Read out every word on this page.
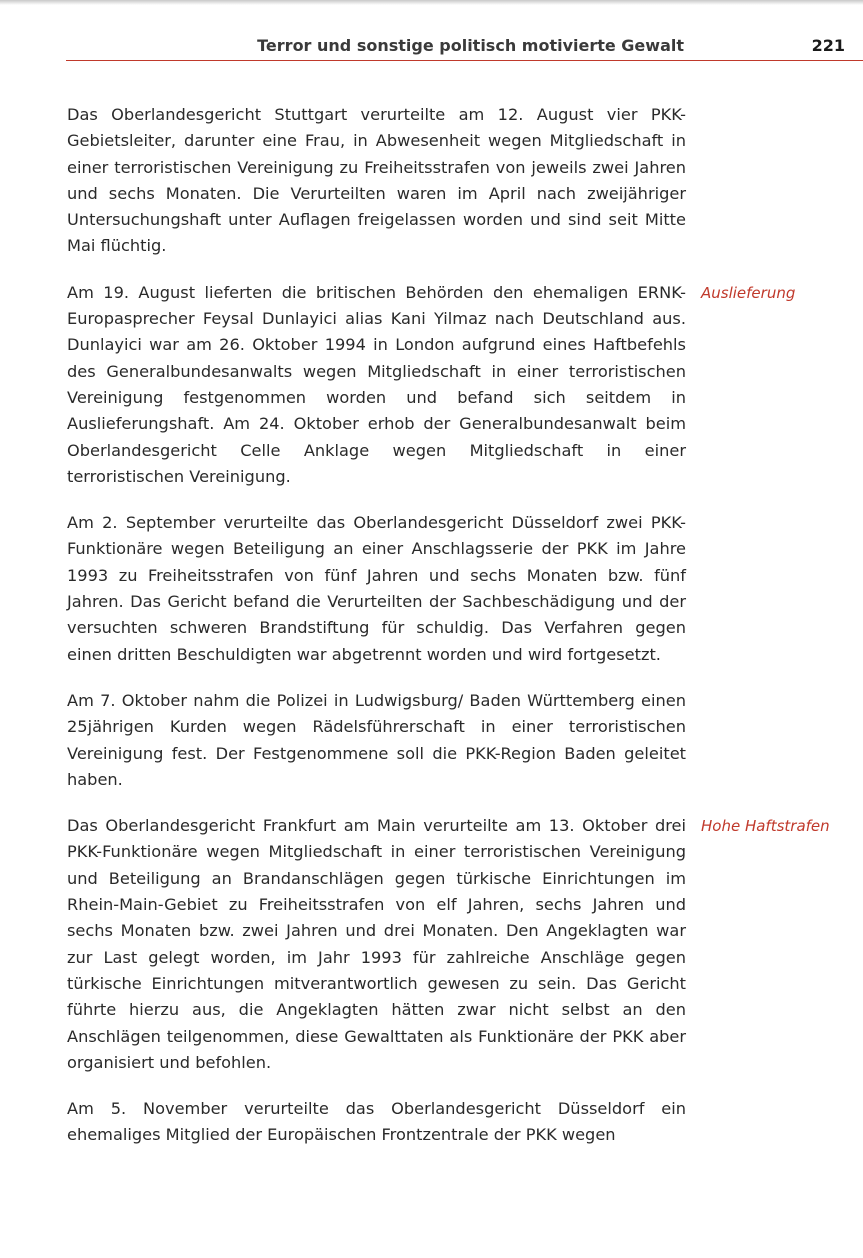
Terror und sonstige politisch motivierte Gewalt	221

Das Oberlandesgericht Stuttgart verurteilte am 12. August vier PKK-Gebietsleiter, darunter eine Frau, in Abwesenheit wegen Mitgliedschaft in einer terroristischen Vereinigung zu Freiheitsstrafen von jeweils zwei Jahren und sechs Monaten. Die Verurteilten waren im April nach zweijähriger Untersuchungshaft unter Auflagen freigelassen worden und sind seit Mitte Mai flüchtig.

Am 19. August lieferten die britischen Behörden den ehemaligen ERNK-Europasprecher Feysal Dunlayici alias Kani Yilmaz nach Deutschland aus. Dunlayici war am 26. Oktober 1994 in London aufgrund eines Haftbefehls des Generalbundesanwalts wegen Mitgliedschaft in einer terroristischen Vereinigung festgenommen worden und befand sich seitdem in Auslieferungshaft. Am 24. Oktober erhob der Generalbundesanwalt beim Oberlandesgericht Celle Anklage wegen Mitgliedschaft in einer terroristischen Vereinigung.

Auslieferung

Am 2. September verurteilte das Oberlandesgericht Düsseldorf zwei PKK-Funktionäre wegen Beteiligung an einer Anschlagsserie der PKK im Jahre 1993 zu Freiheitsstrafen von fünf Jahren und sechs Monaten bzw. fünf Jahren. Das Gericht befand die Verurteilten der Sachbeschädigung und der versuchten schweren Brandstiftung für schuldig. Das Verfahren gegen einen dritten Beschuldigten war abgetrennt worden und wird fortgesetzt.

Am 7. Oktober nahm die Polizei in Ludwigsburg/ Baden Württemberg einen 25jährigen Kurden wegen Rädelsführerschaft in einer terroristischen Vereinigung fest. Der Festgenommene soll die PKK-Region Baden geleitet haben.

Das Oberlandesgericht Frankfurt am Main verurteilte am 13. Oktober drei PKK-Funktionäre wegen Mitgliedschaft in einer terroristischen Vereinigung und Beteiligung an Brandanschlägen gegen türkische Einrichtungen im Rhein-Main-Gebiet zu Freiheitsstrafen von elf Jahren, sechs Jahren und sechs Monaten bzw. zwei Jahren und drei Monaten. Den Angeklagten war zur Last gelegt worden, im Jahr 1993 für zahlreiche Anschläge gegen türkische Einrichtungen mitverantwortlich gewesen zu sein. Das Gericht führte hierzu aus, die Angeklagten hätten zwar nicht selbst an den Anschlägen teilgenommen, diese Gewalttaten als Funktionäre der PKK aber organisiert und befohlen.

Hohe Haftstrafen

Am 5. November verurteilte das Oberlandesgericht Düsseldorf ein ehemaliges Mitglied der Europäischen Frontzentrale der PKK wegen
